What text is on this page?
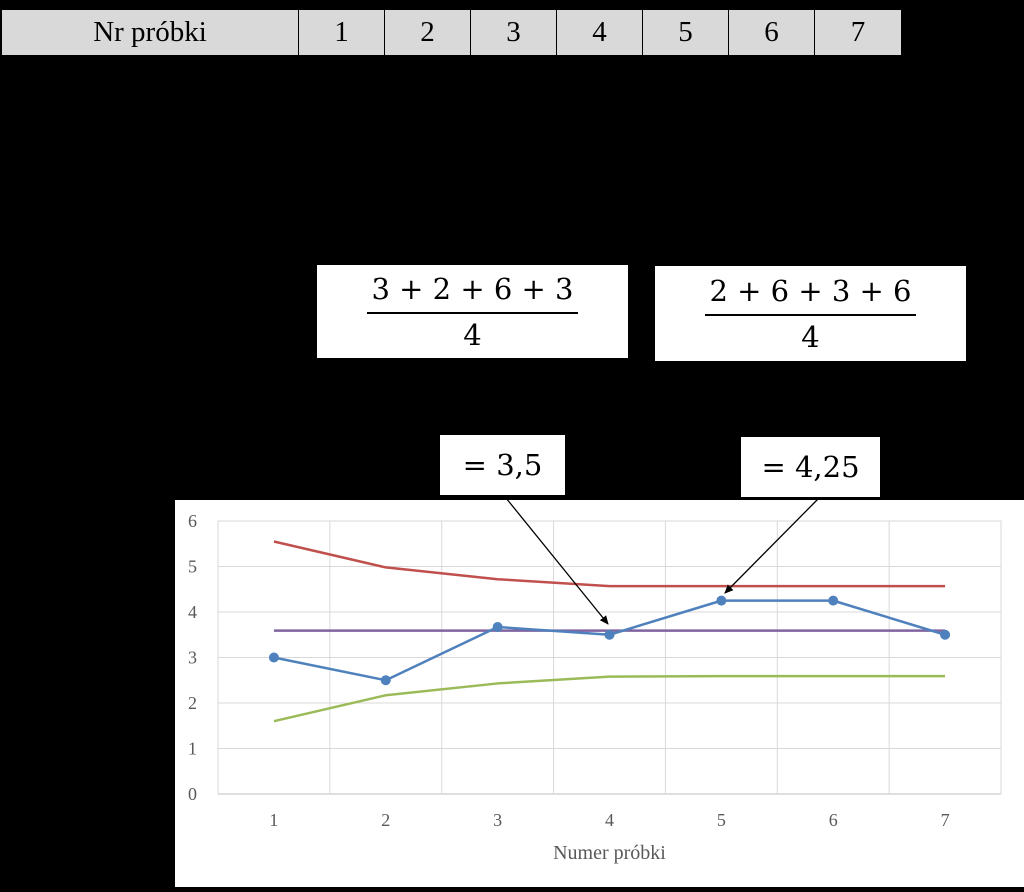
Nr próbki	1	2	3	4	5	6	7
$\frac{3 + 2 + 6 + 3}{4} \frac{2 + 6 + 3 + 6}{4}$
= 3,5	= 4,25
0
1
2
3
4
5
6
1	2	3	4	5	6	7
Numer próbki
